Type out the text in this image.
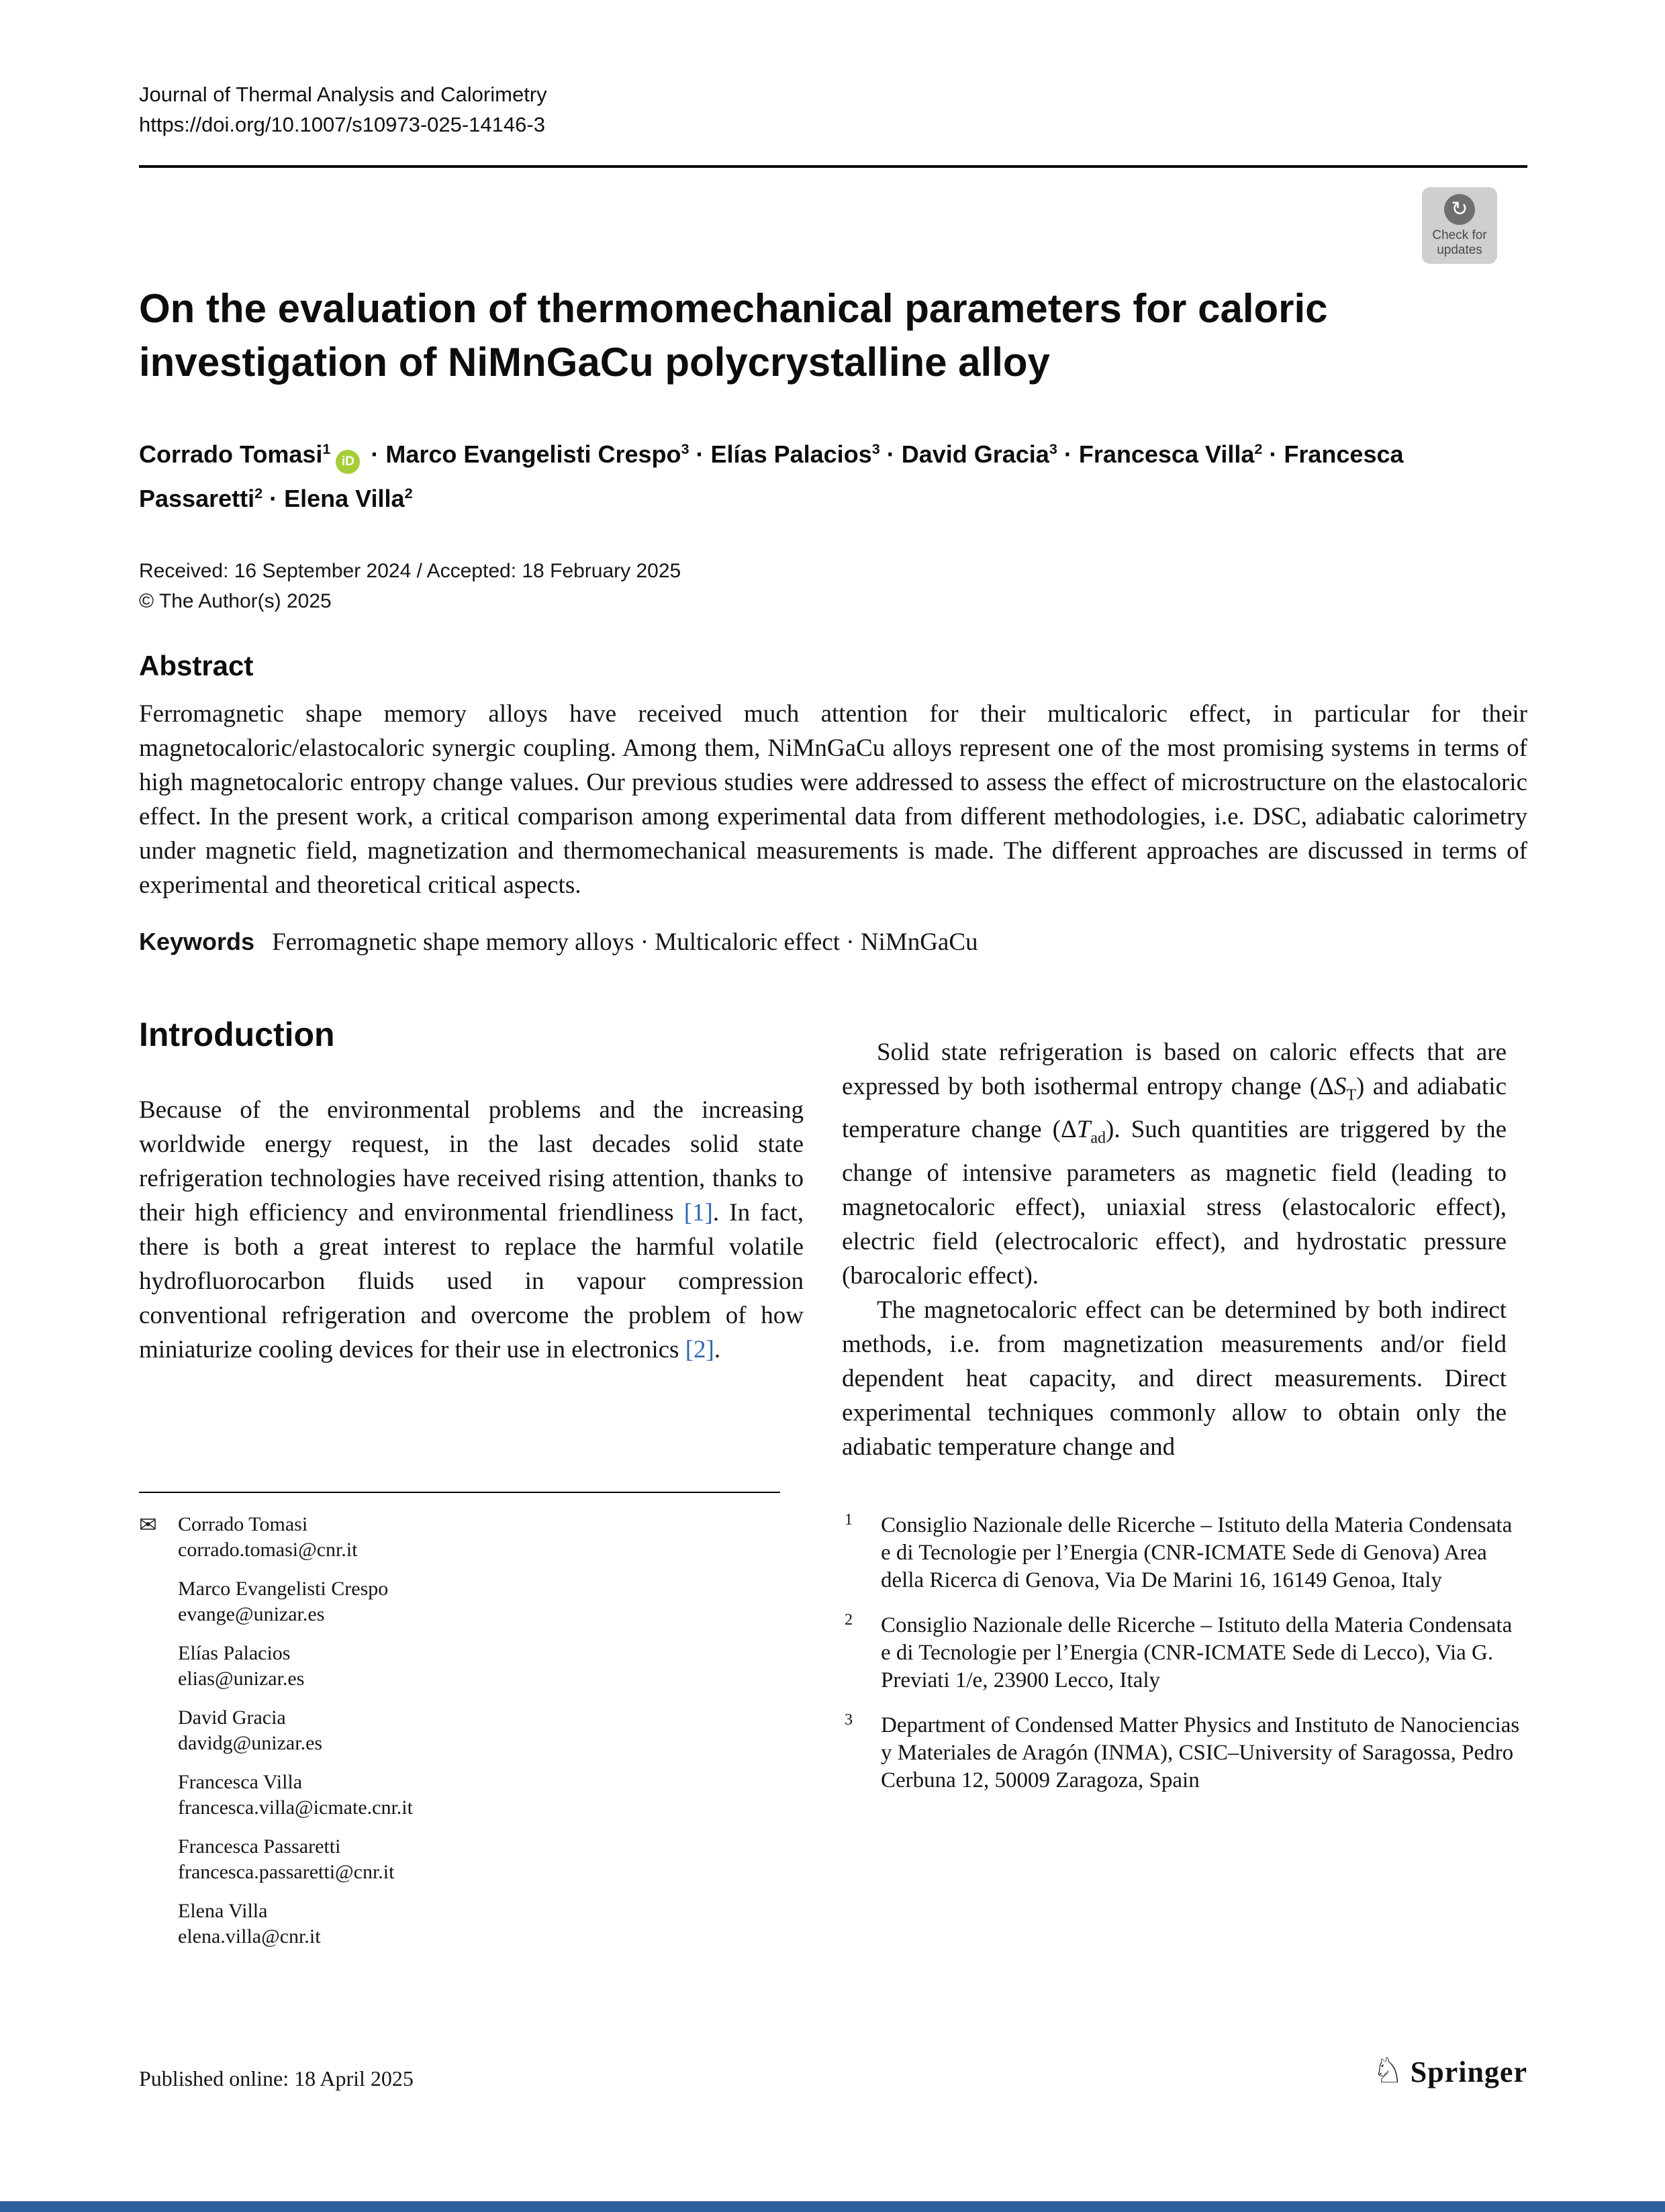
Journal of Thermal Analysis and Calorimetry
https://doi.org/10.1007/s10973-025-14146-3
↻
Check for
updates
On the evaluation of thermomechanical parameters for caloric investigation of NiMnGaCu polycrystalline alloy
Corrado Tomasi$^1$iD · Marco Evangelisti Crespo$^3$ · Elías Palacios$^3$ · David Gracia$^3$ · Francesca Villa$^2$ · Francesca Passaretti$^2$ · Elena Villa$^2$
Received: 16 September 2024 / Accepted: 18 February 2025
© The Author(s) 2025
Abstract

Ferromagnetic shape memory alloys have received much attention for their multicaloric effect, in particular for their magnetocaloric/elastocaloric synergic coupling. Among them, NiMnGaCu alloys represent one of the most promising systems in terms of high magnetocaloric entropy change values. Our previous studies were addressed to assess the effect of microstructure on the elastocaloric effect. In the present work, a critical comparison among experimental data from different methodologies, i.e. DSC, adiabatic calorimetry under magnetic field, magnetization and thermomechanical measurements is made. The different approaches are discussed in terms of experimental and theoretical critical aspects.

Keywords Ferromagnetic shape memory alloys · Multicaloric effect · NiMnGaCu

Introduction

Because of the environmental problems and the increasing worldwide energy request, in the last decades solid state refrigeration technologies have received rising attention, thanks to their high efficiency and environmental friendliness [1]. In fact, there is both a great interest to replace the harmful volatile hydrofluorocarbon fluids used in vapour compression conventional refrigeration and overcome the problem of how miniaturize cooling devices for their use in electronics [2].

Solid state refrigeration is based on caloric effects that are expressed by both isothermal entropy change $(\Delta S_T)$ and adiabatic temperature change $(\Delta T_{ad})$. Such quantities are triggered by the change of intensive parameters as magnetic field (leading to magnetocaloric effect), uniaxial stress (elastocaloric effect), electric field (electrocaloric effect), and hydrostatic pressure (barocaloric effect).

The magnetocaloric effect can be determined by both indirect methods, i.e. from magnetization measurements and/or field dependent heat capacity, and direct measurements. Direct experimental techniques commonly allow to obtain only the adiabatic temperature change and

✉ Corrado Tomasi
corrado.tomasi@cnr.it
Marco Evangelisti Crespo
evange@unizar.es
Elías Palacios
elias@unizar.es
David Gracia
davidg@unizar.es
Francesca Villa
francesca.villa@icmate.cnr.it
Francesca Passaretti
francesca.passaretti@cnr.it
Elena Villa
elena.villa@cnr.it
1 Consiglio Nazionale delle Ricerche – Istituto della Materia Condensata e di Tecnologie per l’Energia (CNR-ICMATE Sede di Genova) Area della Ricerca di Genova, Via De Marini 16, 16149 Genoa, Italy
2 Consiglio Nazionale delle Ricerche – Istituto della Materia Condensata e di Tecnologie per l’Energia (CNR-ICMATE Sede di Lecco), Via G. Previati 1/e, 23900 Lecco, Italy
3 Department of Condensed Matter Physics and Instituto de Nanociencias y Materiales de Aragón (INMA), CSIC–University of Saragossa, Pedro Cerbuna 12, 50009 Zaragoza, Spain
Published online: 18 April 2025	♘ Springer
